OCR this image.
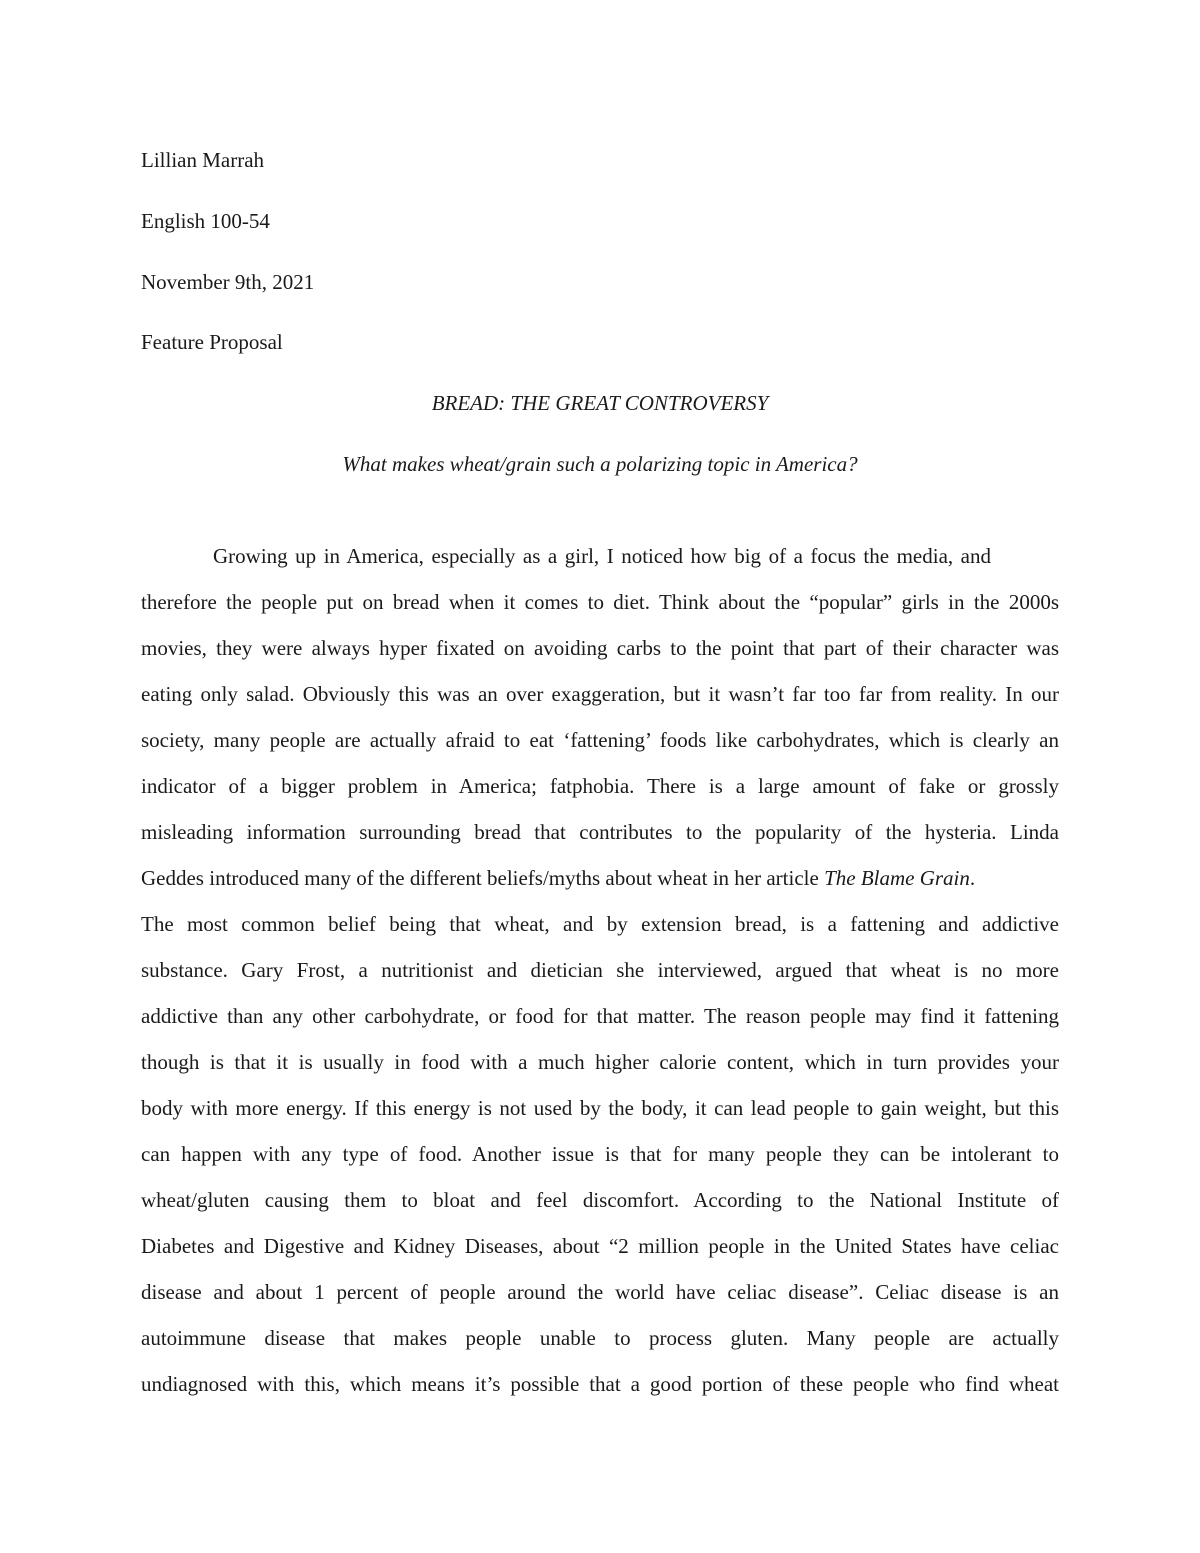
Lillian Marrah
English 100-54
November 9th, 2021
Feature Proposal
BREAD: THE GREAT CONTROVERSY
What makes wheat/grain such a polarizing topic in America?
Growing up in America, especially as a girl, I noticed how big of a focus the media, and
therefore the people put on bread when it comes to diet. Think about the “popular” girls in the 2000s
movies, they were always hyper fixated on avoiding carbs to the point that part of their character was
eating only salad. Obviously this was an over exaggeration, but it wasn’t far too far from reality. In our
society, many people are actually afraid to eat ‘fattening’ foods like carbohydrates, which is clearly an
indicator of a bigger problem in America; fatphobia. There is a large amount of fake or grossly
misleading information surrounding bread that contributes to the popularity of the hysteria. Linda
Geddes introduced many of the different beliefs/myths about wheat in her article The Blame Grain.
The most common belief being that wheat, and by extension bread, is a fattening and addictive
substance. Gary Frost, a nutritionist and dietician she interviewed, argued that wheat is no more
addictive than any other carbohydrate, or food for that matter. The reason people may find it fattening
though is that it is usually in food with a much higher calorie content, which in turn provides your
body with more energy. If this energy is not used by the body, it can lead people to gain weight, but this
can happen with any type of food. Another issue is that for many people they can be intolerant to
wheat/gluten causing them to bloat and feel discomfort. According to the National Institute of
Diabetes and Digestive and Kidney Diseases, about “2 million people in the United States have celiac
disease and about 1 percent of people around the world have celiac disease”. Celiac disease is an
autoimmune disease that makes people unable to process gluten. Many people are actually
undiagnosed with this, which means it’s possible that a good portion of these people who find wheat
